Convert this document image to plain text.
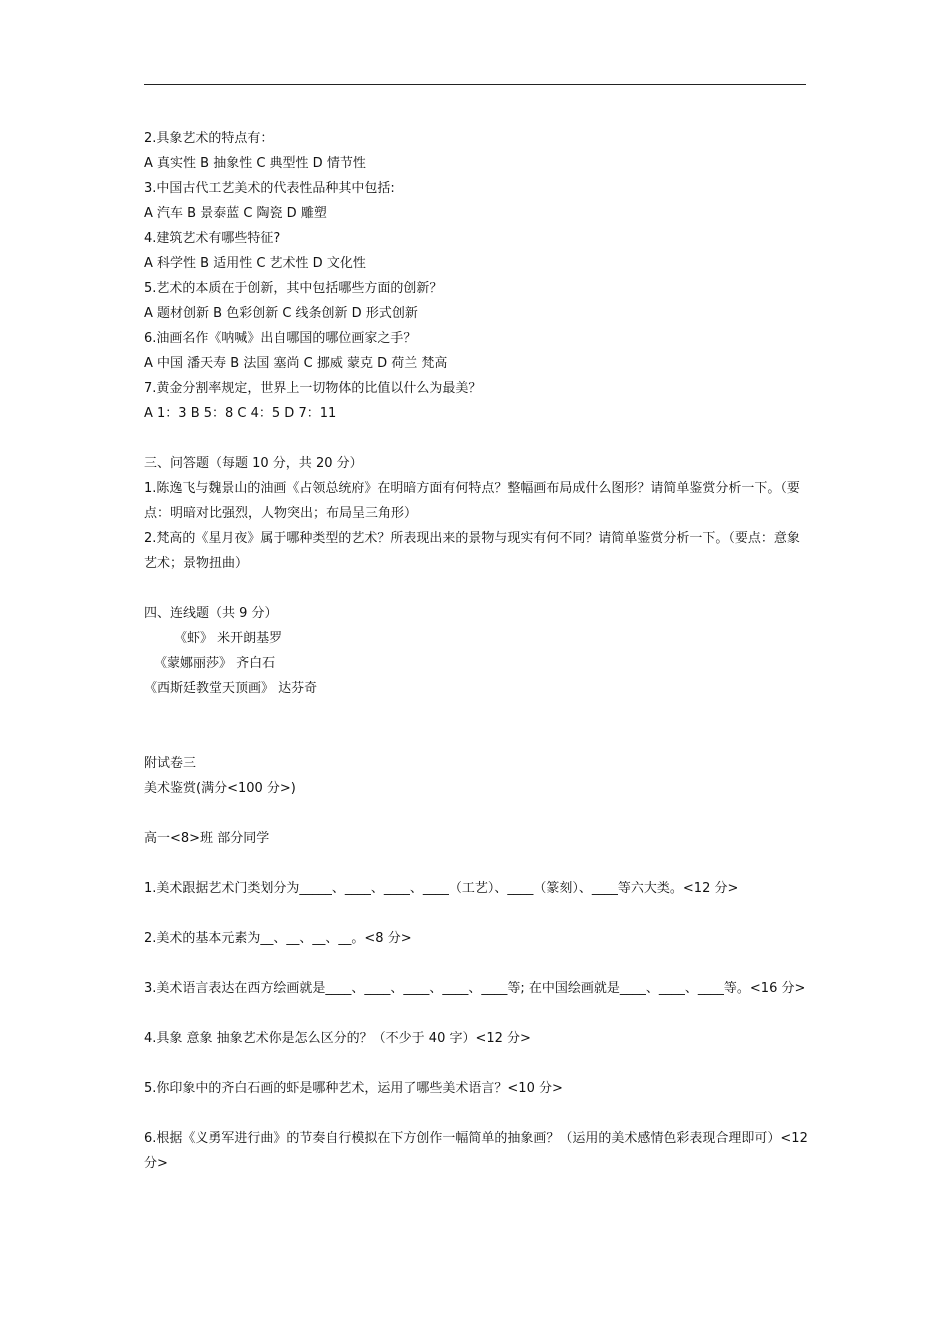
2.具象艺术的特点有：

A 真实性 B 抽象性 C 典型性 D 情节性

3.中国古代工艺美术的代表性品种其中包括:

A 汽车 B 景泰蓝 C 陶瓷 D 雕塑

4.建筑艺术有哪些特征?

A 科学性 B 适用性 C 艺术性 D 文化性

5.艺术的本质在于创新，其中包括哪些方面的创新？

A 题材创新 B 色彩创新 C 线条创新 D 形式创新

6.油画名作《呐喊》出自哪国的哪位画家之手？

A 中国 潘天寿 B 法国 塞尚 C 挪威 蒙克 D 荷兰 梵高

7.黄金分割率规定，世界上一切物体的比值以什么为最美？

A 1：3 B 5：8 C 4：5 D 7：11

三、问答题（每题 10 分，共 20 分）

1.陈逸飞与魏景山的油画《占领总统府》在明暗方面有何特点？整幅画布局成什么图形？请简单鉴赏分析一下。（要点：明暗对比强烈，人物突出；布局呈三角形）

2.梵高的《星月夜》属于哪种类型的艺术？所表现出来的景物与现实有何不同？请简单鉴赏分析一下。（要点：意象艺术；景物扭曲）

四、连线题（共 9 分）

《虾》 米开朗基罗

《蒙娜丽莎》 齐白石

《西斯廷教堂天顶画》 达芬奇

附试卷三

美术鉴赏(满分<100 分>)

高一<8>班 部分同学

1.美术跟据艺术门类划分为_____、____、____、____（工艺）、____（篆刻）、____等六大类。<12 分>

2.美术的基本元素为__、__、__、__。<8 分>

3.美术语言表达在西方绘画就是____、____、____、____、____等; 在中国绘画就是____、____、____等。<16 分>

4.具象 意象 抽象艺术你是怎么区分的？（不少于 40 字）<12 分>

5.你印象中的齐白石画的虾是哪种艺术，运用了哪些美术语言？<10 分>

6.根据《义勇军进行曲》的节奏自行模拟在下方创作一幅简单的抽象画？（运用的美术感情色彩表现合理即可）<12 分>
